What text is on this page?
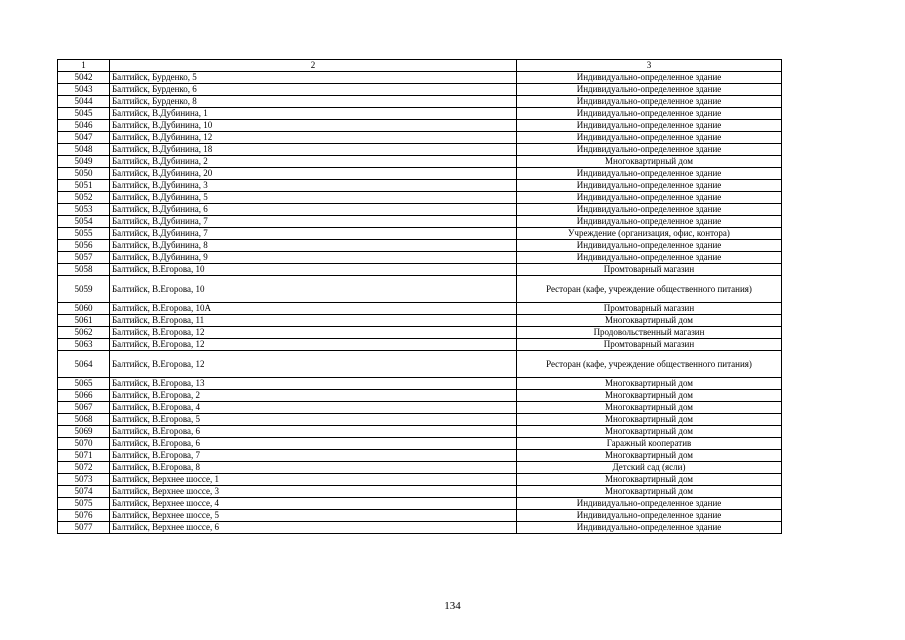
1	2	3
5042	Балтийск, Бурденко, 5	Индивидуально-определенное здание
5043	Балтийск, Бурденко, 6	Индивидуально-определенное здание
5044	Балтийск, Бурденко, 8	Индивидуально-определенное здание
5045	Балтийск, В.Дубинина, 1	Индивидуально-определенное здание
5046	Балтийск, В.Дубинина, 10	Индивидуально-определенное здание
5047	Балтийск, В.Дубинина, 12	Индивидуально-определенное здание
5048	Балтийск, В.Дубинина, 18	Индивидуально-определенное здание
5049	Балтийск, В.Дубинина, 2	Многоквартирный дом
5050	Балтийск, В.Дубинина, 20	Индивидуально-определенное здание
5051	Балтийск, В.Дубинина, 3	Индивидуально-определенное здание
5052	Балтийск, В.Дубинина, 5	Индивидуально-определенное здание
5053	Балтийск, В.Дубинина, 6	Индивидуально-определенное здание
5054	Балтийск, В.Дубинина, 7	Индивидуально-определенное здание
5055	Балтийск, В.Дубинина, 7	Учреждение (организация, офис, контора)
5056	Балтийск, В.Дубинина, 8	Индивидуально-определенное здание
5057	Балтийск, В.Дубинина, 9	Индивидуально-определенное здание
5058	Балтийск, В.Егорова, 10	Промтоварный магазин
5059	Балтийск, В.Егорова, 10	Ресторан (кафе, учреждение общественного питания)
5060	Балтийск, В.Егорова, 10А	Промтоварный магазин
5061	Балтийск, В.Егорова, 11	Многоквартирный дом
5062	Балтийск, В.Егорова, 12	Продовольственный магазин
5063	Балтийск, В.Егорова, 12	Промтоварный магазин
5064	Балтийск, В.Егорова, 12	Ресторан (кафе, учреждение общественного питания)
5065	Балтийск, В.Егорова, 13	Многоквартирный дом
5066	Балтийск, В.Егорова, 2	Многоквартирный дом
5067	Балтийск, В.Егорова, 4	Многоквартирный дом
5068	Балтийск, В.Егорова, 5	Многоквартирный дом
5069	Балтийск, В.Егорова, 6	Многоквартирный дом
5070	Балтийск, В.Егорова, 6	Гаражный кооператив
5071	Балтийск, В.Егорова, 7	Многоквартирный дом
5072	Балтийск, В.Егорова, 8	Детский сад (ясли)
5073	Балтийск, Верхнее шоссе, 1	Многоквартирный дом
5074	Балтийск, Верхнее шоссе, 3	Многоквартирный дом
5075	Балтийск, Верхнее шоссе, 4	Индивидуально-определенное здание
5076	Балтийск, Верхнее шоссе, 5	Индивидуально-определенное здание
5077	Балтийск, Верхнее шоссе, 6	Индивидуально-определенное здание
134
